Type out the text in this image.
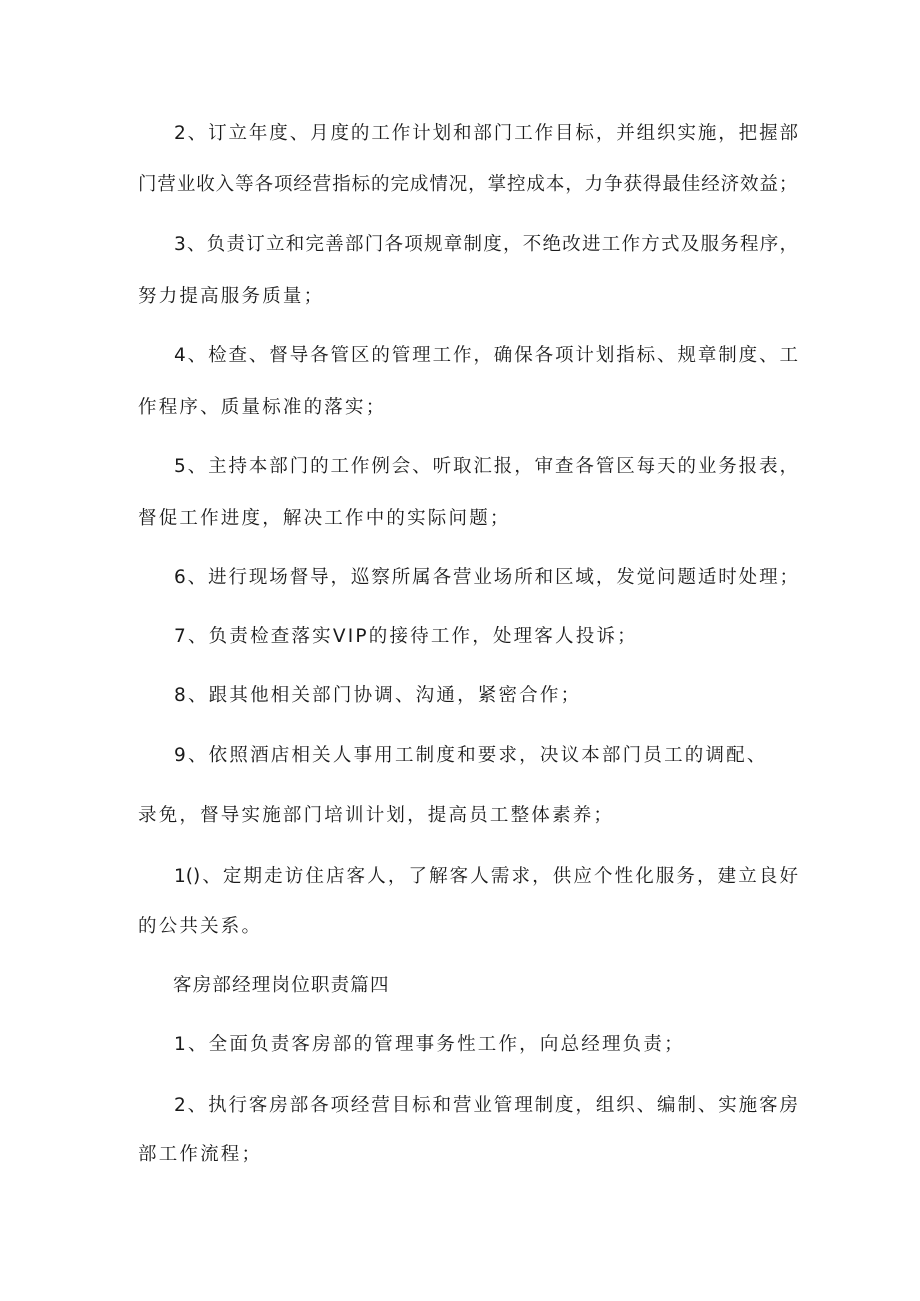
2、订立年度、月度的工作计划和部门工作目标，并组织实施，把握部
门营业收入等各项经营指标的完成情况，掌控成本，力争获得最佳经济效益；
3、负责订立和完善部门各项规章制度，不绝改进工作方式及服务程序，
努力提高服务质量；
4、检查、督导各管区的管理工作，确保各项计划指标、规章制度、工
作程序、质量标准的落实；
5、主持本部门的工作例会、听取汇报，审查各管区每天的业务报表，
督促工作进度，解决工作中的实际问题；
6、进行现场督导，巡察所属各营业场所和区域，发觉问题适时处理；
7、负责检查落实VIP的接待工作，处理客人投诉；
8、跟其他相关部门协调、沟通，紧密合作；
9、依照酒店相关人事用工制度和要求，决议本部门员工的调配、
录免，督导实施部门培训计划，提高员工整体素养；
1()、定期走访住店客人，了解客人需求，供应个性化服务，建立良好
的公共关系。
客房部经理岗位职责篇四
1、全面负责客房部的管理事务性工作，向总经理负责；
2、执行客房部各项经营目标和营业管理制度，组织、编制、实施客房
部工作流程；
